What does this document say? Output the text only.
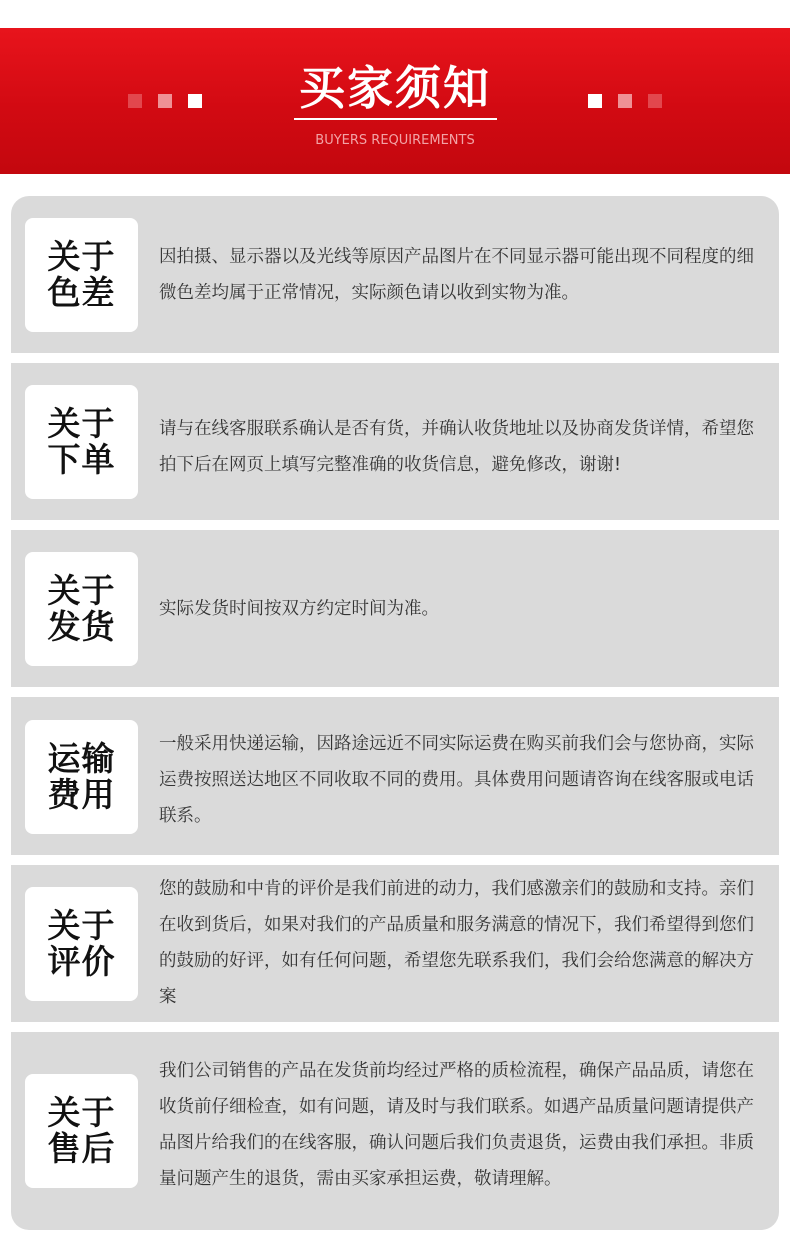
买家须知
BUYERS REQUIREMENTS
关于
色差
因拍摄、显示器以及光线等原因产品图片在不同显示器可能出现不同程度的细微色差均属于正常情况，实际颜色请以收到实物为准。
关于
下单
请与在线客服联系确认是否有货，并确认收货地址以及协商发货详情，希望您拍下后在网页上填写完整准确的收货信息，避免修改，谢谢!
关于
发货 实际发货时间按双方约定时间为准。
运输
费用
一般采用快递运输，因路途远近不同实际运费在购买前我们会与您协商，实际运费按照送达地区不同收取不同的费用。具体费用问题请咨询在线客服或电话联系。
关于
评价
您的鼓励和中肯的评价是我们前进的动力，我们感激亲们的鼓励和支持。亲们在收到货后，如果对我们的产品质量和服务满意的情况下，我们希望得到您们的鼓励的好评，如有任何问题，希望您先联系我们，我们会给您满意的解决方案
关于
售后
我们公司销售的产品在发货前均经过严格的质检流程，确保产品品质，请您在收货前仔细检查，如有问题，请及时与我们联系。如遇产品质量问题请提供产品图片给我们的在线客服，确认问题后我们负责退货，运费由我们承担。非质量问题产生的退货，需由买家承担运费，敬请理解。
